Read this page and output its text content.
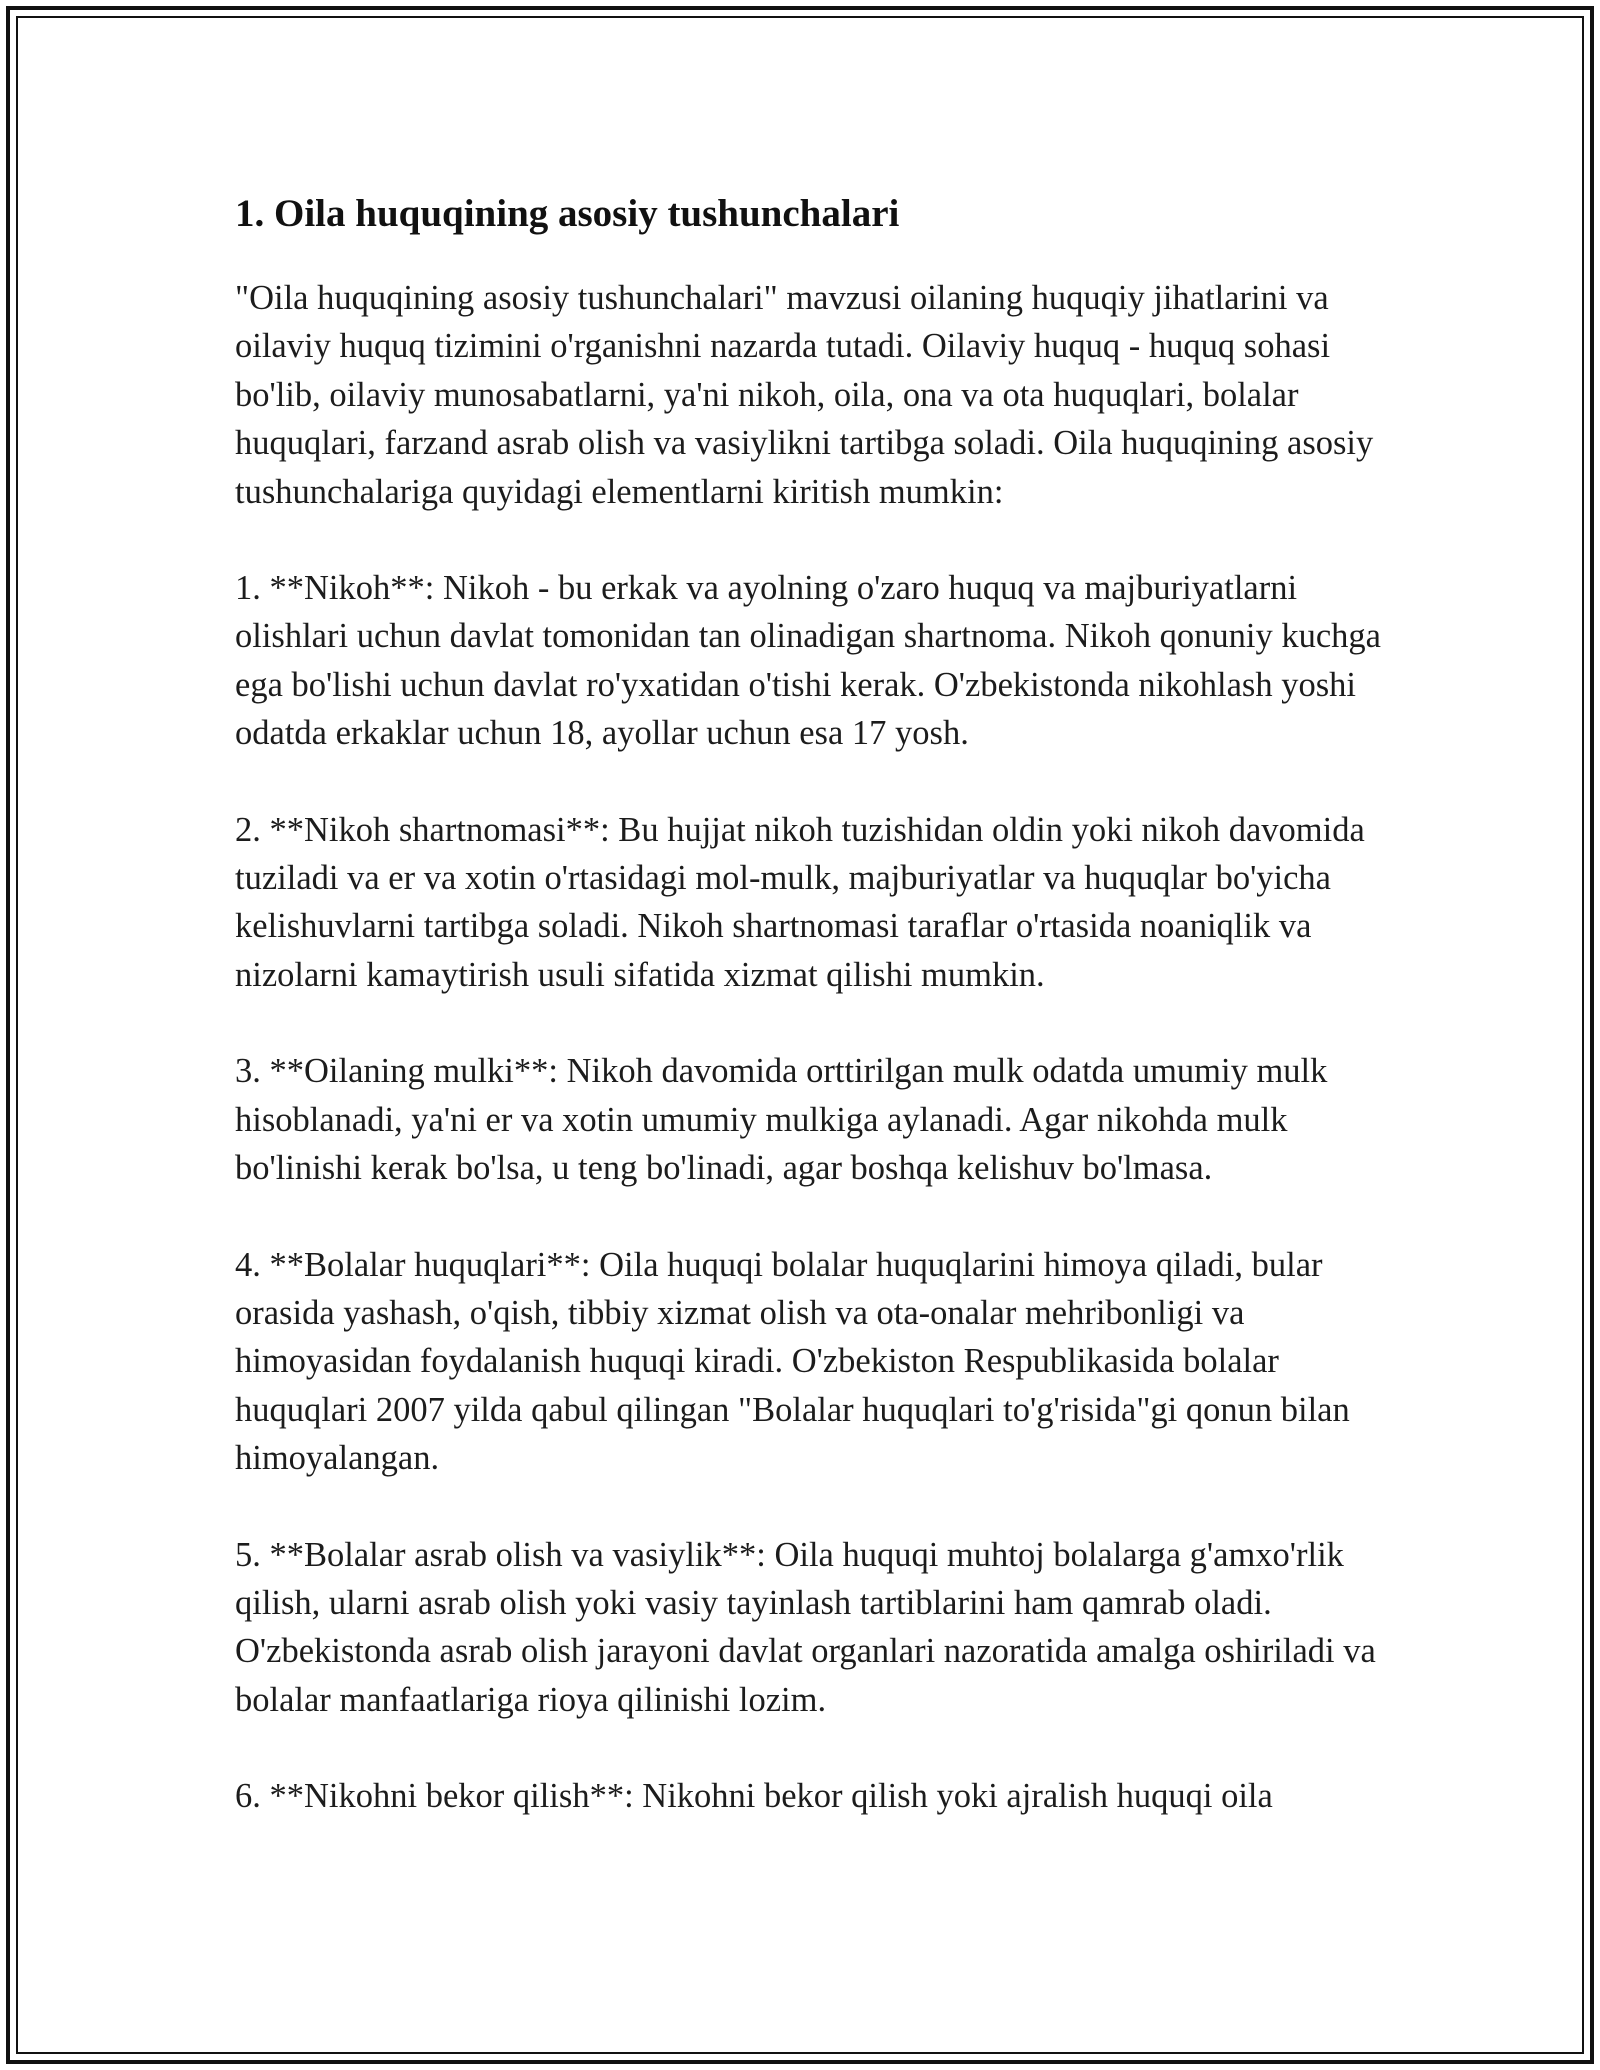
1. Oila huquqining asosiy tushunchalari

"Oila huquqining asosiy tushunchalari" mavzusi oilaning huquqiy jihatlarini va oilaviy huquq tizimini o'rganishni nazarda tutadi. Oilaviy huquq - huquq sohasi bo'lib, oilaviy munosabatlarni, ya'ni nikoh, oila, ona va ota huquqlari, bolalar huquqlari, farzand asrab olish va vasiylikni tartibga soladi. Oila huquqining asosiy tushunchalariga quyidagi elementlarni kiritish mumkin:

1. **Nikoh**: Nikoh - bu erkak va ayolning o'zaro huquq va majburiyatlarni olishlari uchun davlat tomonidan tan olinadigan shartnoma. Nikoh qonuniy kuchga ega bo'lishi uchun davlat ro'yxatidan o'tishi kerak. O'zbekistonda nikohlash yoshi odatda erkaklar uchun 18, ayollar uchun esa 17 yosh.

2. **Nikoh shartnomasi**: Bu hujjat nikoh tuzishidan oldin yoki nikoh davomida tuziladi va er va xotin o'rtasidagi mol-mulk, majburiyatlar va huquqlar bo'yicha kelishuvlarni tartibga soladi. Nikoh shartnomasi taraflar o'rtasida noaniqlik va nizolarni kamaytirish usuli sifatida xizmat qilishi mumkin.

3. **Oilaning mulki**: Nikoh davomida orttirilgan mulk odatda umumiy mulk hisoblanadi, ya'ni er va xotin umumiy mulkiga aylanadi. Agar nikohda mulk bo'linishi kerak bo'lsa, u teng bo'linadi, agar boshqa kelishuv bo'lmasa.

4. **Bolalar huquqlari**: Oila huquqi bolalar huquqlarini himoya qiladi, bular orasida yashash, o'qish, tibbiy xizmat olish va ota-onalar mehribonligi va himoyasidan foydalanish huquqi kiradi. O'zbekiston Respublikasida bolalar huquqlari 2007 yilda qabul qilingan "Bolalar huquqlari to'g'risida"gi qonun bilan himoyalangan.

5. **Bolalar asrab olish va vasiylik**: Oila huquqi muhtoj bolalarga g'amxo'rlik qilish, ularni asrab olish yoki vasiy tayinlash tartiblarini ham qamrab oladi. O'zbekistonda asrab olish jarayoni davlat organlari nazoratida amalga oshiriladi va bolalar manfaatlariga rioya qilinishi lozim.

6. **Nikohni bekor qilish**: Nikohni bekor qilish yoki ajralish huquqi oila
